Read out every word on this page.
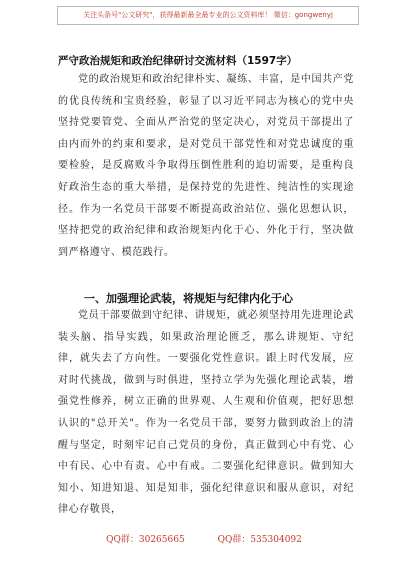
关注头条号"公文研究"，获得最新最全最专业的公文资料库！ 微信：gongwenyj
严守政治规矩和政治纪律研讨交流材料（1597字）

党的政治规矩和政治纪律朴实、凝练、丰富，是中国共产党的优良传统和宝贵经验，彰显了以习近平同志为核心的党中央坚持党要管党、全面从严治党的坚定决心，对党员干部提出了由内而外的约束和要求，是对党员干部党性和对党忠诚度的重要检验，是反腐败斗争取得压倒性胜利的迫切需要，是重构良好政治生态的重大举措，是保持党的先进性、纯洁性的实现途径。作为一名党员干部要不断提高政治站位、强化思想认识，坚持把党的政治纪律和政治规矩内化于心、外化于行，坚决做到严格遵守、模范践行。

一、加强理论武装，将规矩与纪律内化于心

党员干部要做到守纪律、讲规矩，就必须坚持用先进理论武装头脑、指导实践，如果政治理论匮乏，那么讲规矩、守纪律，就失去了方向性。一要强化党性意识。跟上时代发展，应对时代挑战，做到与时俱进，坚持立学为先强化理论武装，增强党性修养，树立正确的世界观、人生观和价值观，把好思想认识的"总开关"。作为一名党员干部，要努力做到政治上的清醒与坚定，时刻牢记自己党员的身份，真正做到心中有党、心中有民、心中有责、心中有戒。二要强化纪律意识。做到知大知小、知进知退、知是知非，强化纪律意识和服从意识，对纪律心存敬畏，

QQ群：30265665	QQ群：535304092
